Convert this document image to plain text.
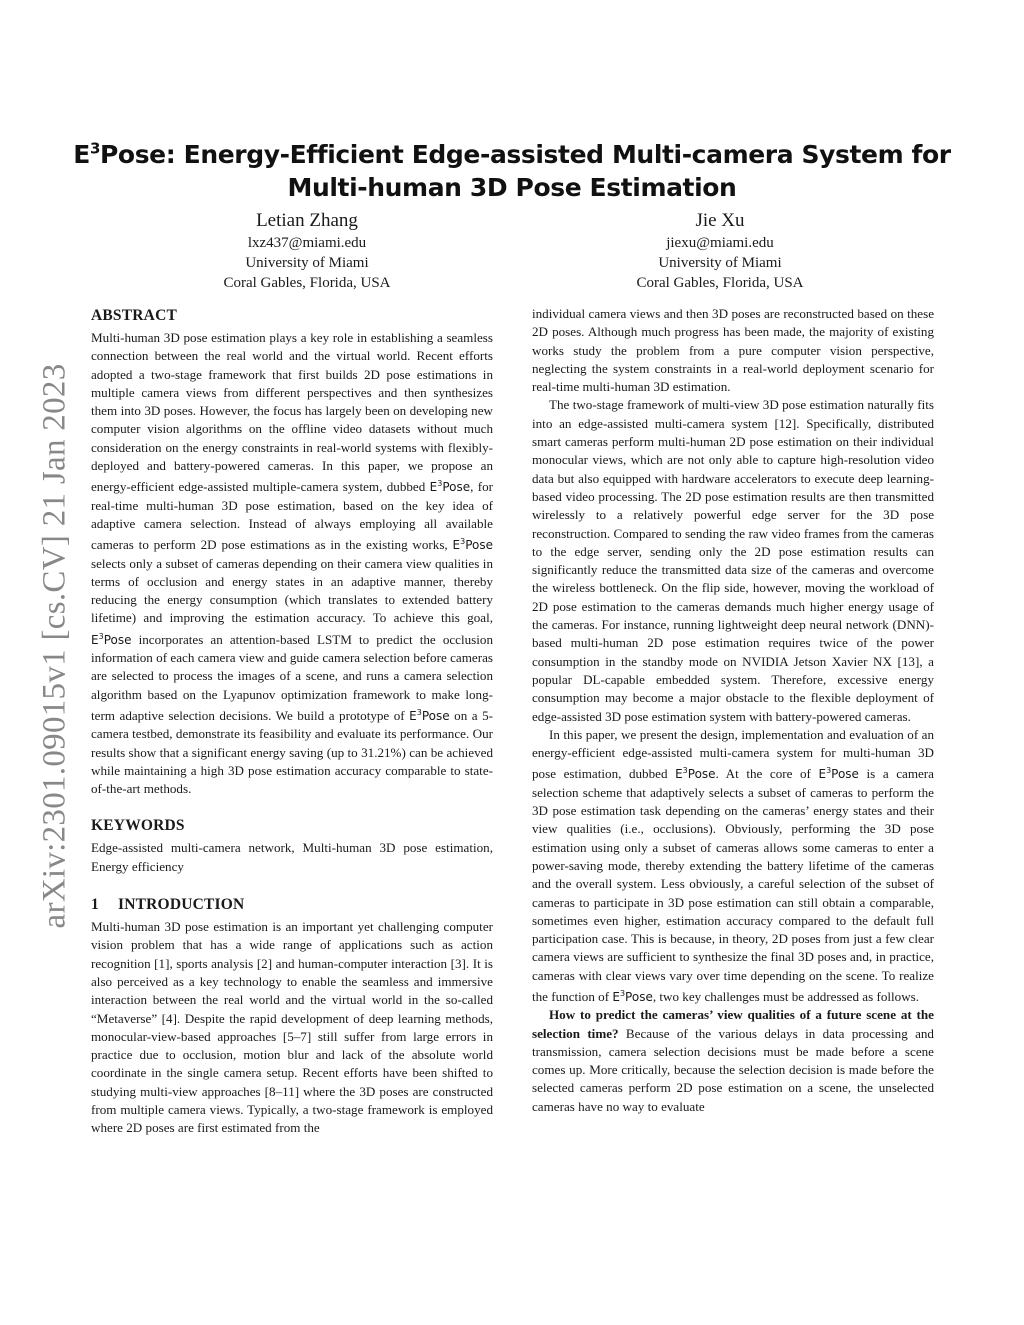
arXiv:2301.09015v1 [cs.CV] 21 Jan 2023
$E^3Pose$: Energy-Efficient Edge-assisted Multi-camera System for
Multi-human 3D Pose Estimation
Letian Zhang
lxz437@miami.edu
University of Miami
Coral Gables, Florida, USA
Jie Xu
jiexu@miami.edu
University of Miami
Coral Gables, Florida, USA
ABSTRACT

Multi-human 3D pose estimation plays a key role in establishing a seamless connection between the real world and the virtual world. Recent efforts adopted a two-stage framework that first builds 2D pose estimations in multiple camera views from different perspectives and then synthesizes them into 3D poses. However, the focus has largely been on developing new computer vision algorithms on the offline video datasets without much consideration on the energy constraints in real-world systems with flexibly-deployed and battery-powered cameras. In this paper, we propose an energy-efficient edge-assisted multiple-camera system, dubbed $E^3Pose$, for real-time multi-human 3D pose estimation, based on the key idea of adaptive camera selection. Instead of always employing all available cameras to perform 2D pose estimations as in the existing works, $E^3Pose$ selects only a subset of cameras depending on their camera view qualities in terms of occlusion and energy states in an adaptive manner, thereby reducing the energy consumption (which translates to extended battery lifetime) and improving the estimation accuracy. To achieve this goal, $E^3Pose$ incorporates an attention-based LSTM to predict the occlusion information of each camera view and guide camera selection before cameras are selected to process the images of a scene, and runs a camera selection algorithm based on the Lyapunov optimization framework to make long-term adaptive selection decisions. We build a prototype of $E^3Pose$ on a 5-camera testbed, demonstrate its feasibility and evaluate its performance. Our results show that a significant energy saving (up to 31.21%) can be achieved while maintaining a high 3D pose estimation accuracy comparable to state-of-the-art methods.

KEYWORDS

Edge-assisted multi-camera network, Multi-human 3D pose estimation, Energy efficiency

1 INTRODUCTION

Multi-human 3D pose estimation is an important yet challenging computer vision problem that has a wide range of applications such as action recognition [1], sports analysis [2] and human-computer interaction [3]. It is also perceived as a key technology to enable the seamless and immersive interaction between the real world and the virtual world in the so-called “Metaverse” [4]. Despite the rapid development of deep learning methods, monocular-view-based approaches [5–7] still suffer from large errors in practice due to occlusion, motion blur and lack of the absolute world coordinate in the single camera setup. Recent efforts have been shifted to studying multi-view approaches [8–11] where the 3D poses are constructed from multiple camera views. Typically, a two-stage framework is employed where 2D poses are first estimated from the

individual camera views and then 3D poses are reconstructed based on these 2D poses. Although much progress has been made, the majority of existing works study the problem from a pure computer vision perspective, neglecting the system constraints in a real-world deployment scenario for real-time multi-human 3D estimation.

The two-stage framework of multi-view 3D pose estimation naturally fits into an edge-assisted multi-camera system [12]. Specifically, distributed smart cameras perform multi-human 2D pose estimation on their individual monocular views, which are not only able to capture high-resolution video data but also equipped with hardware accelerators to execute deep learning-based video processing. The 2D pose estimation results are then transmitted wirelessly to a relatively powerful edge server for the 3D pose reconstruction. Compared to sending the raw video frames from the cameras to the edge server, sending only the 2D pose estimation results can significantly reduce the transmitted data size of the cameras and overcome the wireless bottleneck. On the flip side, however, moving the workload of 2D pose estimation to the cameras demands much higher energy usage of the cameras. For instance, running lightweight deep neural network (DNN)-based multi-human 2D pose estimation requires twice of the power consumption in the standby mode on NVIDIA Jetson Xavier NX [13], a popular DL-capable embedded system. Therefore, excessive energy consumption may become a major obstacle to the flexible deployment of edge-assisted 3D pose estimation system with battery-powered cameras.

In this paper, we present the design, implementation and evaluation of an energy-efficient edge-assisted multi-camera system for multi-human 3D pose estimation, dubbed $E^3Pose$. At the core of $E^3Pose$ is a camera selection scheme that adaptively selects a subset of cameras to perform the 3D pose estimation task depending on the cameras’ energy states and their view qualities (i.e., occlusions). Obviously, performing the 3D pose estimation using only a subset of cameras allows some cameras to enter a power-saving mode, thereby extending the battery lifetime of the cameras and the overall system. Less obviously, a careful selection of the subset of cameras to participate in 3D pose estimation can still obtain a comparable, sometimes even higher, estimation accuracy compared to the default full participation case. This is because, in theory, 2D poses from just a few clear camera views are sufficient to synthesize the final 3D poses and, in practice, cameras with clear views vary over time depending on the scene. To realize the function of $E^3Pose$, two key challenges must be addressed as follows.

How to predict the cameras’ view qualities of a future scene at the selection time? Because of the various delays in data processing and transmission, camera selection decisions must be made before a scene comes up. More critically, because the selection decision is made before the selected cameras perform 2D pose estimation on a scene, the unselected cameras have no way to evaluate
